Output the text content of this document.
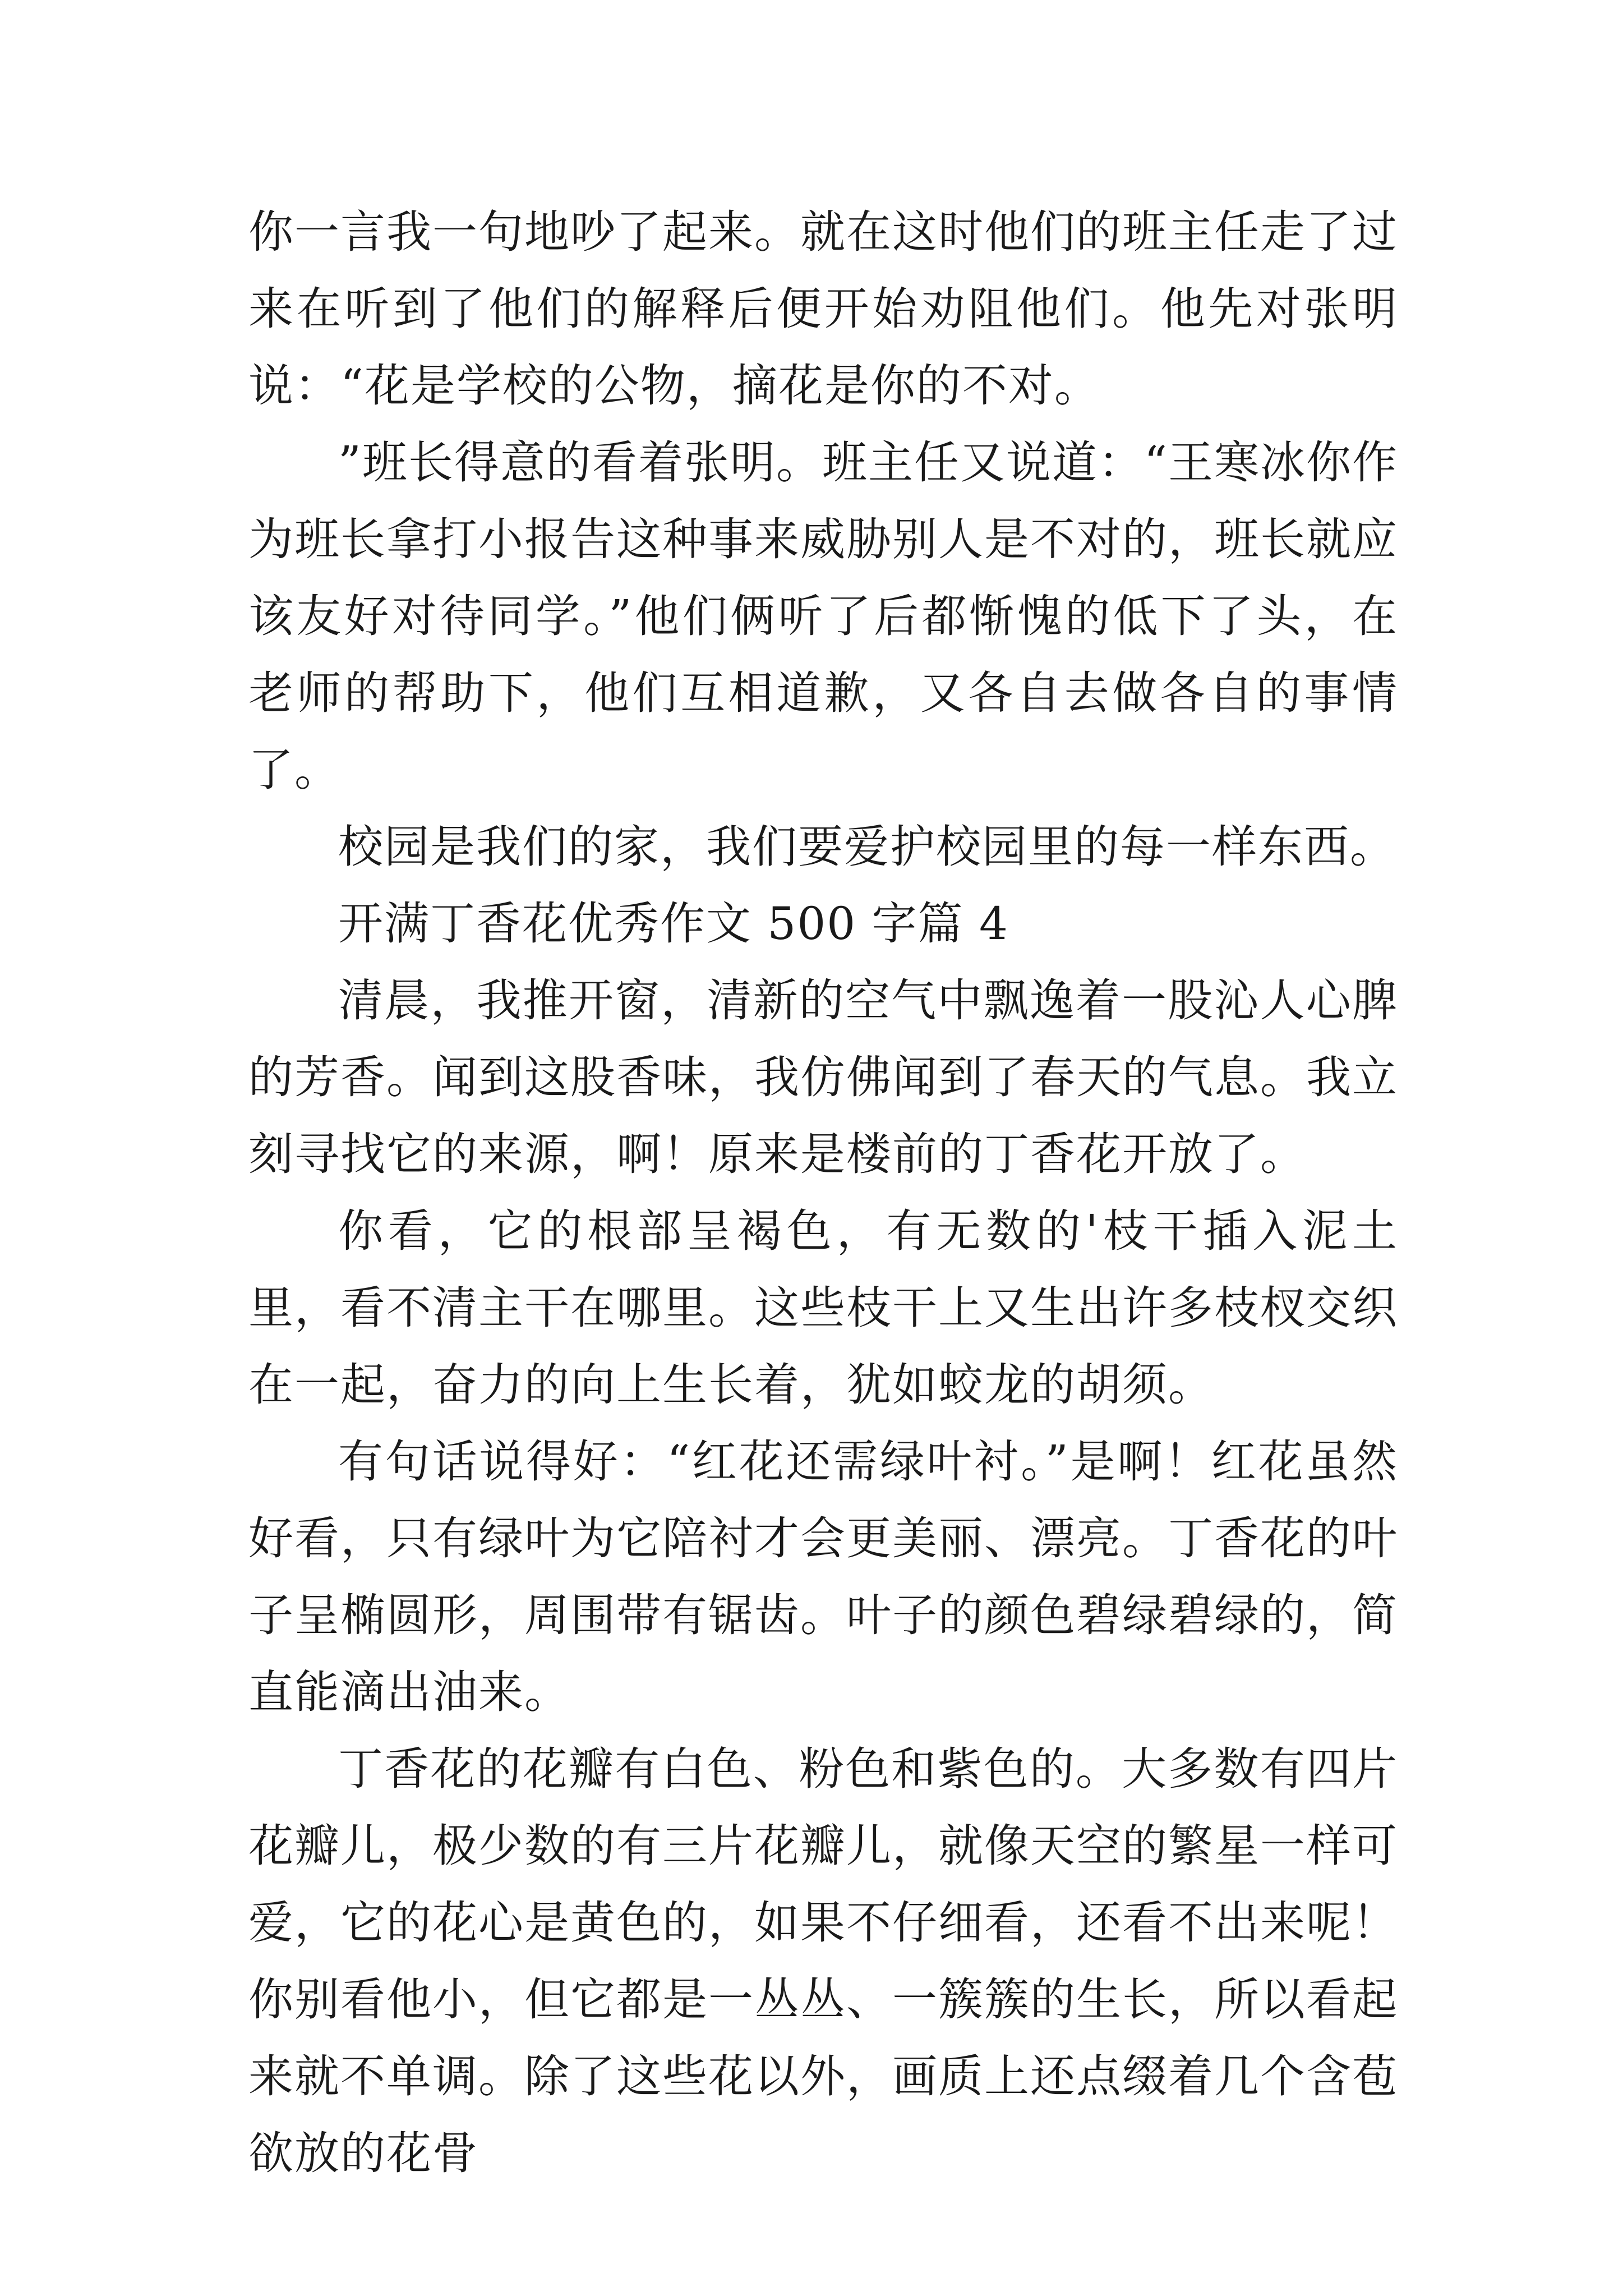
你一言我一句地吵了起来。就在这时他们的班主任走了过来在听到了他们的解释后便开始劝阻他们。他先对张明说：“花是学校的公物，摘花是你的不对。

”班长得意的看着张明。班主任又说道：“王寒冰你作为班长拿打小报告这种事来威胁别人是不对的，班长就应该友好对待同学。”他们俩听了后都惭愧的低下了头，在老师的帮助下，他们互相道歉，又各自去做各自的事情了。

校园是我们的家，我们要爱护校园里的每一样东西。

开满丁香花优秀作文 500 字篇 4

清晨，我推开窗，清新的空气中飘逸着一股沁人心脾的芳香。闻到这股香味，我仿佛闻到了春天的气息。我立刻寻找它的来源，啊！原来是楼前的丁香花开放了。

你看，它的根部呈褐色，有无数的'枝干插入泥土里，看不清主干在哪里。这些枝干上又生出许多枝杈交织在一起，奋力的向上生长着，犹如蛟龙的胡须。

有句话说得好：“红花还需绿叶衬。”是啊！红花虽然好看，只有绿叶为它陪衬才会更美丽、漂亮。丁香花的叶子呈椭圆形，周围带有锯齿。叶子的颜色碧绿碧绿的，简直能滴出油来。

丁香花的花瓣有白色、粉色和紫色的。大多数有四片花瓣儿，极少数的有三片花瓣儿，就像天空的繁星一样可爱，它的花心是黄色的，如果不仔细看，还看不出来呢！你别看他小，但它都是一丛丛、一簇簇的生长，所以看起来就不单调。除了这些花以外，画质上还点缀着几个含苞欲放的花骨
